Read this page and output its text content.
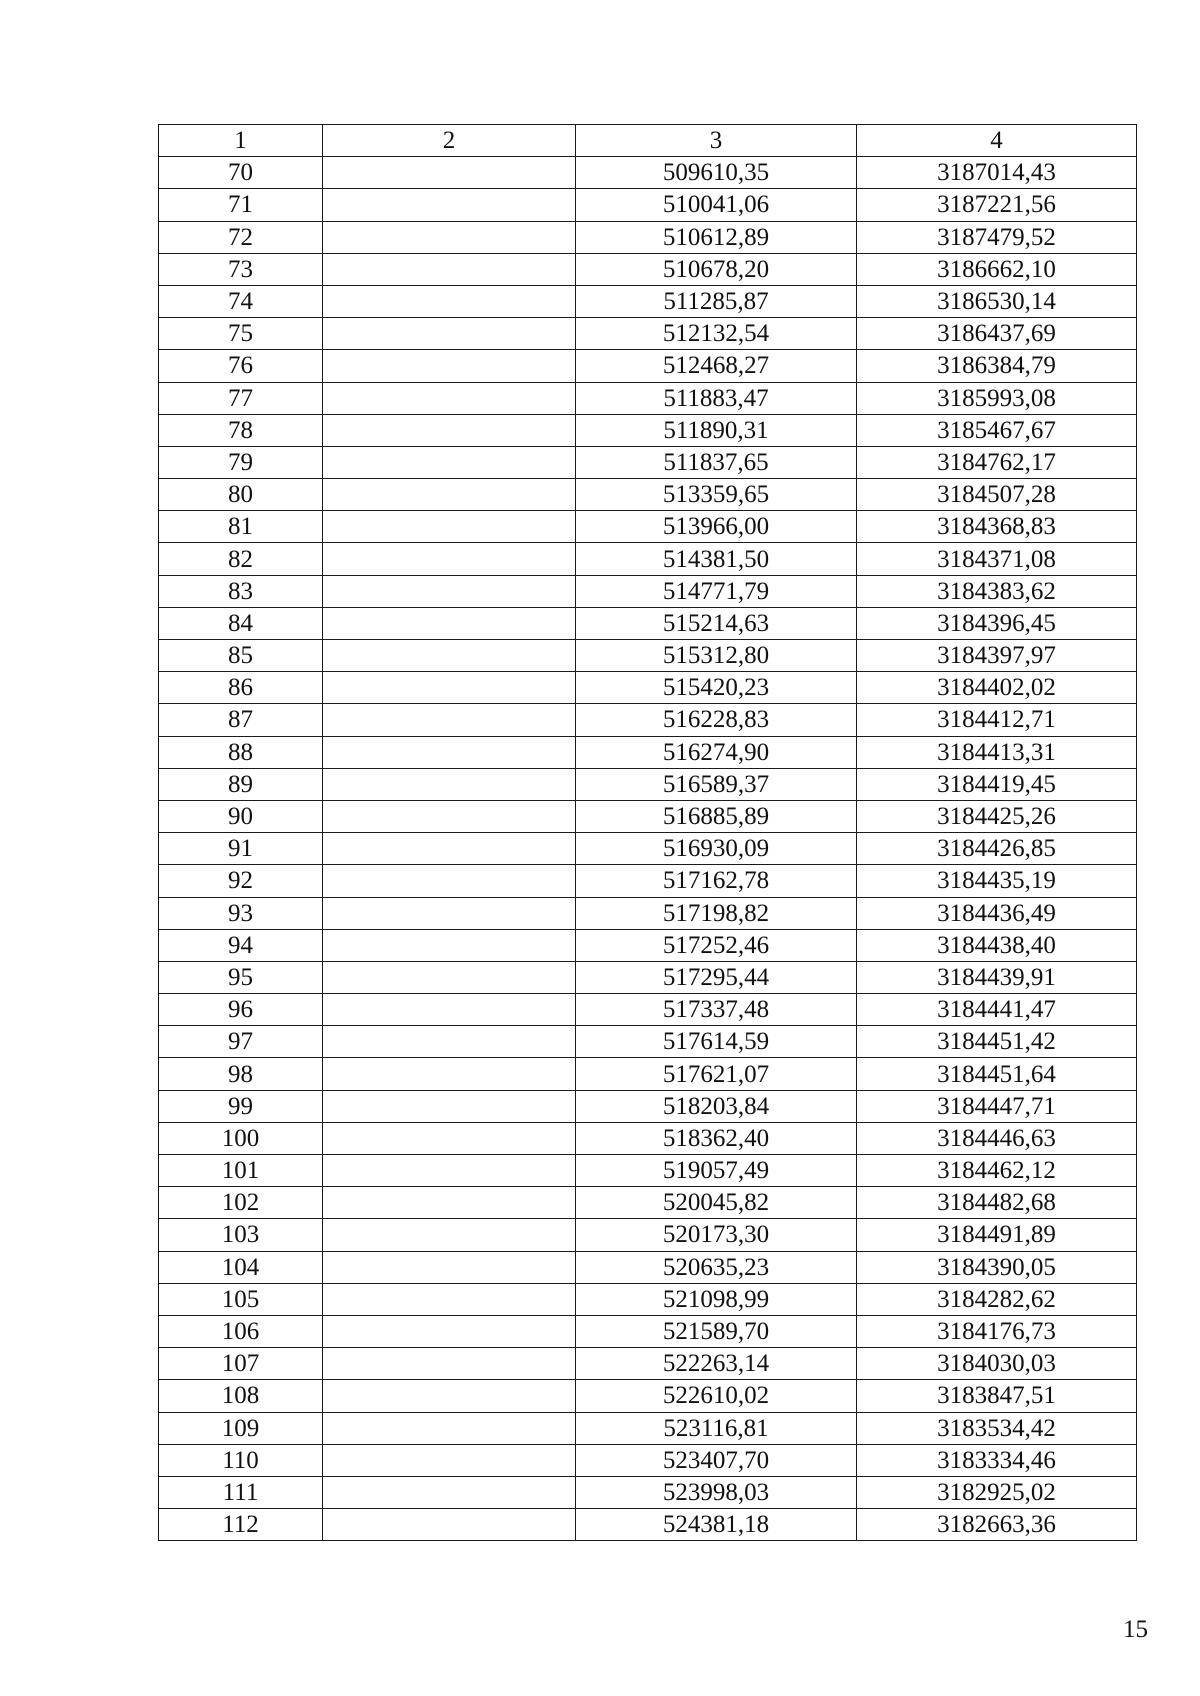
1	2	3	4
70		509610,35	3187014,43
71		510041,06	3187221,56
72		510612,89	3187479,52
73		510678,20	3186662,10
74		511285,87	3186530,14
75		512132,54	3186437,69
76		512468,27	3186384,79
77		511883,47	3185993,08
78		511890,31	3185467,67
79		511837,65	3184762,17
80		513359,65	3184507,28
81		513966,00	3184368,83
82		514381,50	3184371,08
83		514771,79	3184383,62
84		515214,63	3184396,45
85		515312,80	3184397,97
86		515420,23	3184402,02
87		516228,83	3184412,71
88		516274,90	3184413,31
89		516589,37	3184419,45
90		516885,89	3184425,26
91		516930,09	3184426,85
92		517162,78	3184435,19
93		517198,82	3184436,49
94		517252,46	3184438,40
95		517295,44	3184439,91
96		517337,48	3184441,47
97		517614,59	3184451,42
98		517621,07	3184451,64
99		518203,84	3184447,71
100		518362,40	3184446,63
101		519057,49	3184462,12
102		520045,82	3184482,68
103		520173,30	3184491,89
104		520635,23	3184390,05
105		521098,99	3184282,62
106		521589,70	3184176,73
107		522263,14	3184030,03
108		522610,02	3183847,51
109		523116,81	3183534,42
110		523407,70	3183334,46
111		523998,03	3182925,02
112		524381,18	3182663,36
15
